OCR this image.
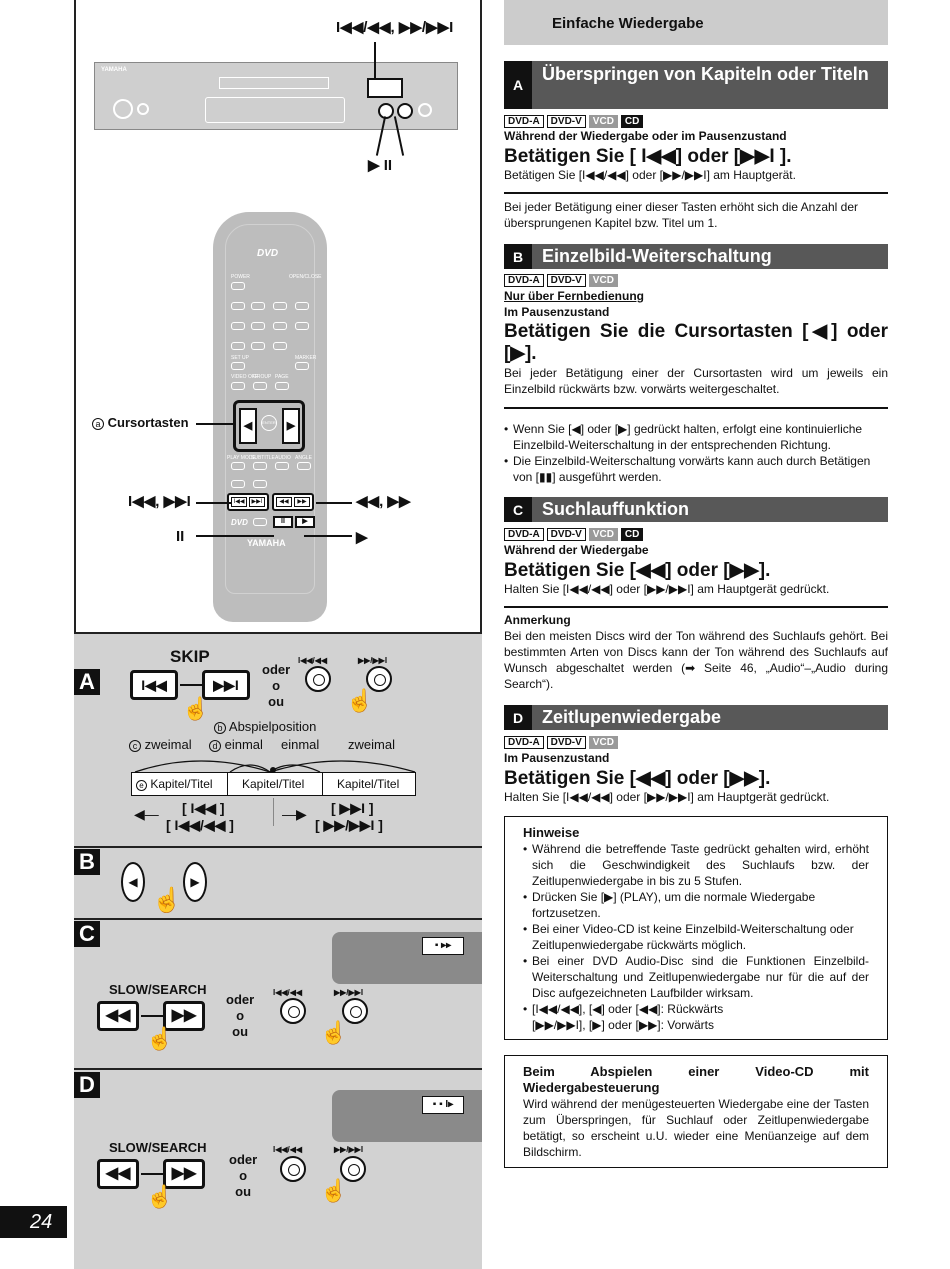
I◀◀/◀◀, ▶▶/▶▶I
YAMAHA
▶ II
DVD
POWER	OPEN/CLOSE
SET UP	MARKER
VIDEO OFF
GROUP PAGE
◀	▶
ENTER
PLAY MODE
SUBTITLE AUDIO ANGLE
I◀◀	▶▶I	◀◀	▶▶
DVD	II	▶
YAMAHA
a Cursortasten
I◀◀, ▶▶I	◀◀, ▶▶
II	▶
A
SKIP
I◀◀	▶▶I
☝
oder
o
ou
I◀◀/◀◀	▶▶/▶▶I
☝
b Abspielposition
c zweimal	d einmal einmal zweimal
e Kapitel/Titel Kapitel/Titel	Kapitel/Titel
[ I◀◀ ]
[ I◀◀/◀◀ ]
◀—	[ ▶▶I ]
[ ▶▶/▶▶I ]
—▶
B
◀	▶
☝
C	▪ ▸▸
SLOW/SEARCH
◀◀	▶▶
☝
oder
o
ou
I◀◀/◀◀	▶▶/▶▶I
☝
D
▪ ▪ I▸
SLOW/SEARCH
◀◀	▶▶
☝
oder
o
ou
I◀◀/◀◀	▶▶/▶▶I
☝
24
Einfache Wiedergabe
A
Überspringen von Kapiteln oder Titeln
DVD-A	DVD-V	VCD	CD
Während der Wiedergabe oder im Pausenzustand
Betätigen Sie [ I◀◀] oder [▶▶I ].
Betätigen Sie [I◀◀/◀◀] oder [▶▶/▶▶I] am Hauptgerät.
Bei jeder Betätigung einer dieser Tasten erhöht sich die Anzahl der übersprungenen Kapitel bzw. Titel um 1.
B	Einzelbild-Weiterschaltung
DVD-A	DVD-V	VCD
Nur über Fernbedienung
Im Pausenzustand
Betätigen Sie die Cursortasten [◀] oder [▶].
Bei jeder Betätigung einer der Cursortasten wird um jeweils ein Einzelbild rückwärts bzw. vorwärts weitergeschaltet.
• Wenn Sie [◀] oder [▶] gedrückt halten, erfolgt eine kontinuierliche Einzelbild-Weiterschaltung in der entsprechenden Richtung.
• Die Einzelbild-Weiterschaltung vorwärts kann auch durch Betätigen von [▮▮] ausgeführt werden.
C	Suchlauffunktion
DVD-A	DVD-V	VCD	CD
Während der Wiedergabe
Betätigen Sie [◀◀] oder [▶▶].
Halten Sie [I◀◀/◀◀] oder [▶▶/▶▶I] am Hauptgerät gedrückt.
Anmerkung
Bei den meisten Discs wird der Ton während des Suchlaufs gehört. Bei bestimmten Arten von Discs kann der Ton während des Suchlaufs auf Wunsch abgeschaltet werden (➡ Seite 46, „Audio“–„Audio during Search“).
D	Zeitlupenwiedergabe
DVD-A	DVD-V	VCD
Im Pausenzustand
Betätigen Sie [◀◀] oder [▶▶].
Halten Sie [I◀◀/◀◀] oder [▶▶/▶▶I] am Hauptgerät gedrückt.
Hinweise
• Während die betreffende Taste gedrückt gehalten wird, erhöht sich die Geschwindigkeit des Suchlaufs bzw. der Zeitlupenwiedergabe in bis zu 5 Stufen.
• Drücken Sie [▶] (PLAY), um die normale Wiedergabe fortzusetzen.
• Bei einer Video-CD ist keine Einzelbild-Weiterschaltung oder Zeitlupenwiedergabe rückwärts möglich.
• Bei einer DVD Audio-Disc sind die Funktionen Einzelbild-Weiterschaltung und Zeitlupenwiedergabe nur für die auf der Disc aufgezeichneten Laufbilder wirksam.
• [I◀◀/◀◀], [◀] oder [◀◀]: Rückwärts
[▶▶/▶▶I], [▶] oder [▶▶]: Vorwärts
Beim Abspielen einer Video-CD mit Wiedergabesteuerung
Wird während der menügesteuerten Wiedergabe eine der Tasten zum Überspringen, für Suchlauf oder Zeitlupenwiedergabe betätigt, so erscheint u.U. wieder eine Menüanzeige auf dem Bildschirm.
